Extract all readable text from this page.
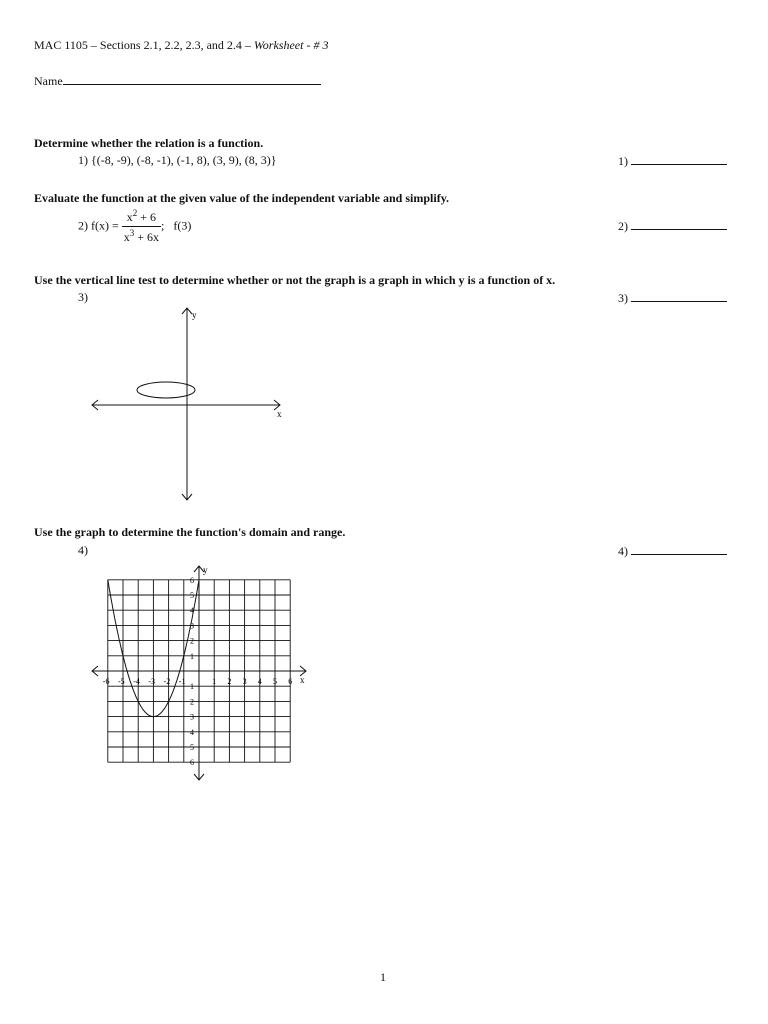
MAC 1105 – Sections 2.1, 2.2, 2.3, and 2.4 – Worksheet - # 3
Name
Determine whether the relation is a function.
1) {(-8, -9), (-8, -1), (-1, 8), (3, 9), (8, 3)}	1)
Evaluate the function at the given value of the independent variable and simplify.
2) $f(x) = \frac{x^2 + 6}{x^3 + 6x}$ ;   f(3)	2)
Use the vertical line test to determine whether or not the graph is a graph in which y is a function of x.
3)	3)
x
y
Use the graph to determine the function's domain and range.
4)	4)
x
y
-6 -5 -4 -3 -2 -1	1 2 3 4 5 6
6
5
4
3
2
1
1
2
3
4
5
6
1
